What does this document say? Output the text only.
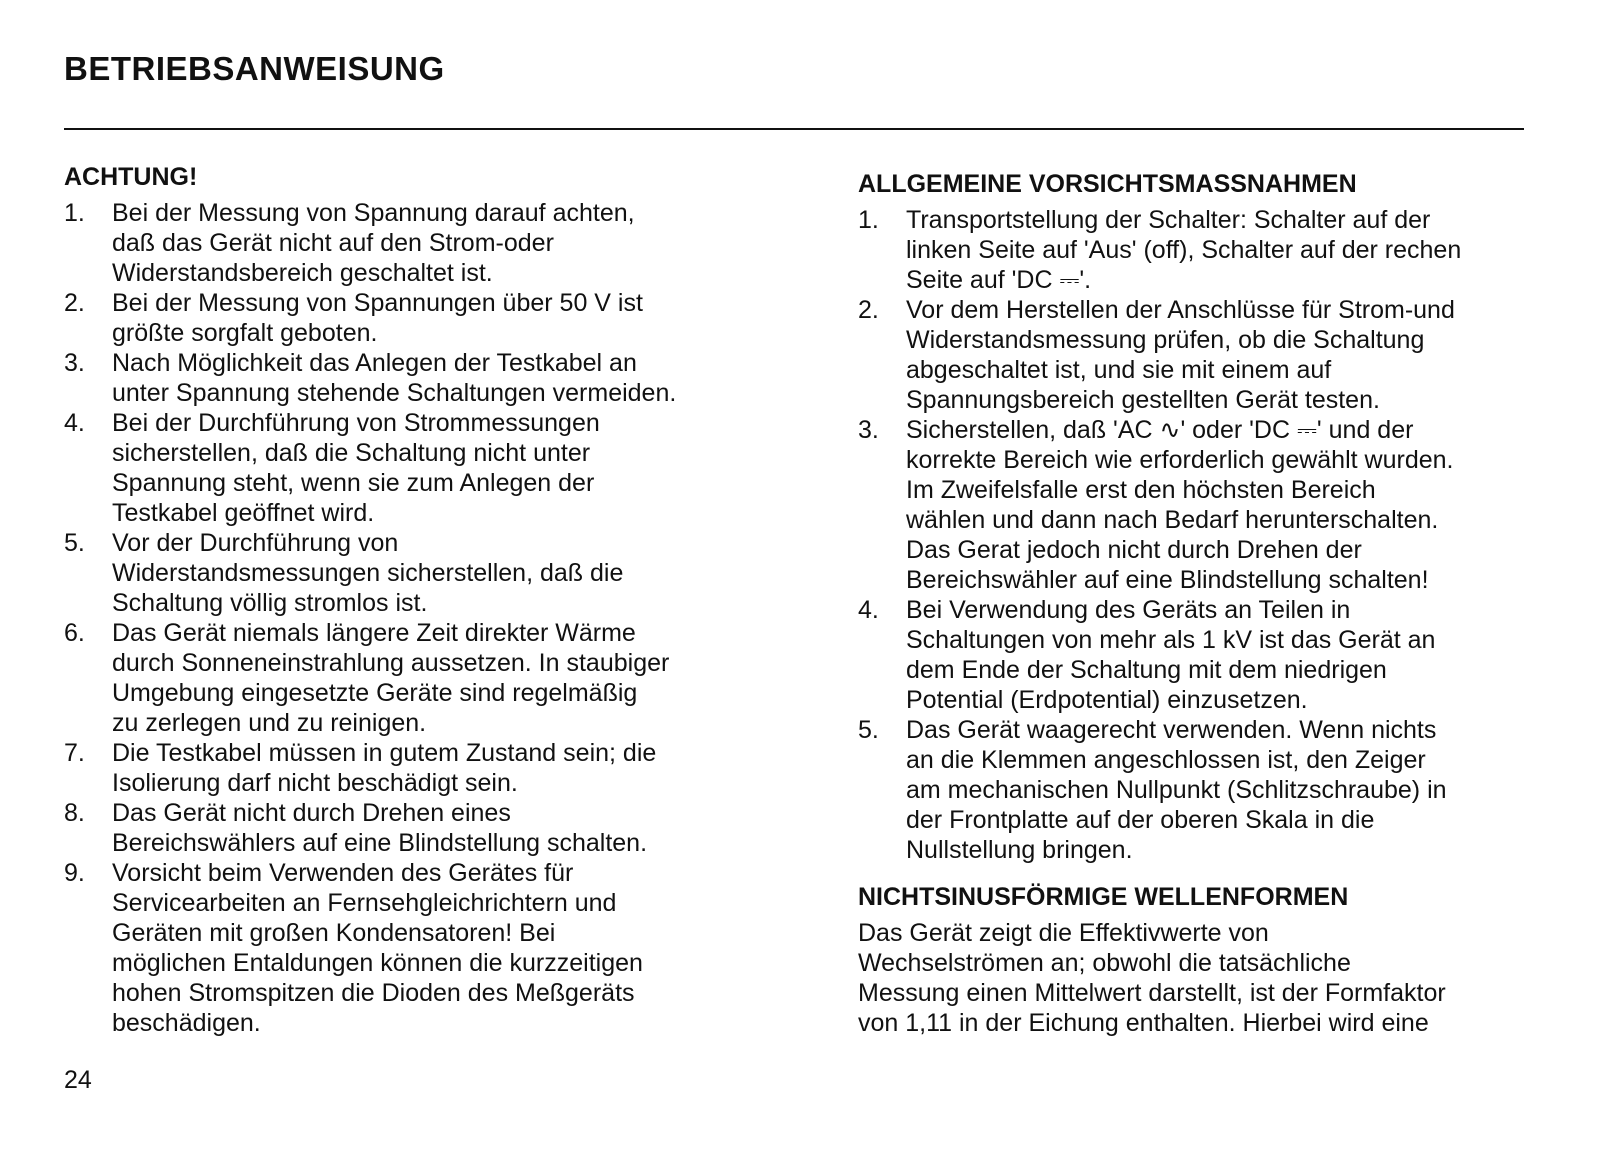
BETRIEBSANWEISUNG
ACHTUNG!
1. Bei der Messung von Spannung darauf achten,
daß das Gerät nicht auf den Strom-oder
Widerstandsbereich geschaltet ist.
2. Bei der Messung von Spannungen über 50 V ist
größte sorgfalt geboten.
3. Nach Möglichkeit das Anlegen der Testkabel an
unter Spannung stehende Schaltungen vermeiden.
4. Bei der Durchführung von Strommessungen
sicherstellen, daß die Schaltung nicht unter
Spannung steht, wenn sie zum Anlegen der
Testkabel geöffnet wird.
5. Vor der Durchführung von
Widerstandsmessungen sicherstellen, daß die
Schaltung völlig stromlos ist.
6. Das Gerät niemals längere Zeit direkter Wärme
durch Sonneneinstrahlung aussetzen. In staubiger
Umgebung eingesetzte Geräte sind regelmäßig
zu zerlegen und zu reinigen.
7. Die Testkabel müssen in gutem Zustand sein; die
Isolierung darf nicht beschädigt sein.
8. Das Gerät nicht durch Drehen eines
Bereichswählers auf eine Blindstellung schalten.
9. Vorsicht beim Verwenden des Gerätes für
Servicearbeiten an Fernsehgleichrichtern und
Geräten mit großen Kondensatoren! Bei
möglichen Entaldungen können die kurzzeitigen
hohen Stromspitzen die Dioden des Meßgeräts
beschädigen.

24

ALLGEMEINE VORSICHTSMASSNAHMEN
1. Transportstellung der Schalter: Schalter auf der
linken Seite auf 'Aus' (off), Schalter auf der rechen
Seite auf 'DC ⎓'.
2. Vor dem Herstellen der Anschlüsse für Strom-und
Widerstandsmessung prüfen, ob die Schaltung
abgeschaltet ist, und sie mit einem auf
Spannungsbereich gestellten Gerät testen.
3. Sicherstellen, daß 'AC ∿' oder 'DC ⎓' und der
korrekte Bereich wie erforderlich gewählt wurden.
Im Zweifelsfalle erst den höchsten Bereich
wählen und dann nach Bedarf herunterschalten.
Das Gerat jedoch nicht durch Drehen der
Bereichswähler auf eine Blindstellung schalten!
4. Bei Verwendung des Geräts an Teilen in
Schaltungen von mehr als 1 kV ist das Gerät an
dem Ende der Schaltung mit dem niedrigen
Potential (Erdpotential) einzusetzen.
5. Das Gerät waagerecht verwenden. Wenn nichts
an die Klemmen angeschlossen ist, den Zeiger
am mechanischen Nullpunkt (Schlitzschraube) in
der Frontplatte auf der oberen Skala in die
Nullstellung bringen.
NICHTSINUSFÖRMIGE WELLENFORMEN
Das Gerät zeigt die Effektivwerte von
Wechselströmen an; obwohl die tatsächliche
Messung einen Mittelwert darstellt, ist der Formfaktor
von 1,11 in der Eichung enthalten. Hierbei wird eine
